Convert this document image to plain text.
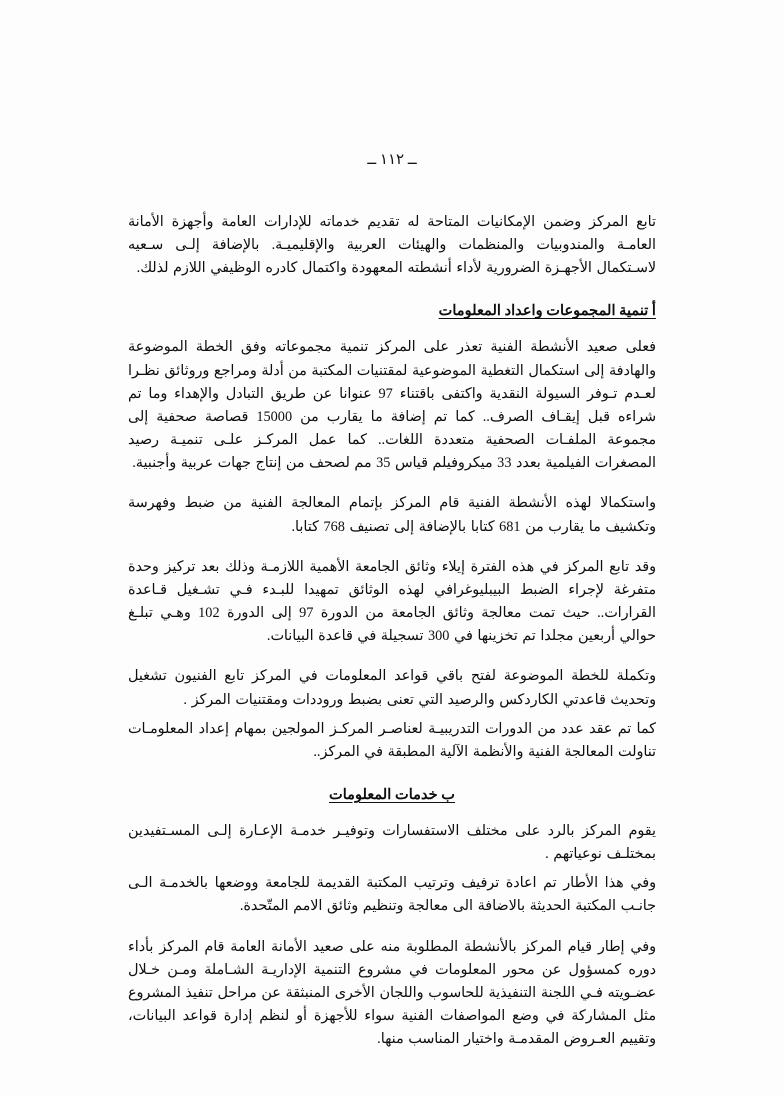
ــ ١١٢ ــ

تابع المركز وضمن الإمكانيات المتاحة له تقديم خدماته للإدارات العامة وأجهزة الأمانة العامـة والمندوبيات والمنظمات والهيئات العربية والإقليميـة. بالإضافة إلـى سـعيه لاسـتكمال الأجهـزة الضرورية لأداء أنشطته المعهودة واكتمال كادره الوظيفي اللازم لذلك.

أ تنمية المجموعات واعداد المعلومات

فعلى صعيد الأنشطة الفنية تعذر على المركز تنمية مجموعاته وفق الخطة الموضوعة والهادفة إلى استكمال التغطية الموضوعية لمقتنيات المكتبة من أدلة ومراجع وروثائق نظـرا لعـدم تـوفر السيولة النقدية واكتفى باقتناء 97 عنوانا عن طريق التبادل والإهداء وما تم شراءه قبل إيقـاف الصرف.. كما تم إضافة ما يقارب من 15000 قصاصة صحفية إلى مجموعة الملفـات الصحفية متعددة اللغات.. كما عمل المركـز علـى تنميـة رصيد المصغرات الفيلمية بعدد 33 ميكروفيلم قياس 35 مم لصحف من إنتاج جهات عربية وأجنبية.

واستكمالا لهذه الأنشطة الفنية قام المركز بإتمام المعالجة الفنية من ضبط وفهرسة وتكشيف ما يقارب من 681 كتابا بالإضافة إلى تصنيف 768 كتابا.

وقد تابع المركز في هذه الفترة إيلاء وثائق الجامعة الأهمية اللازمـة وذلك بعد تركيز وحدة متفرغة لإجراء الضبط البيبليوغرافي لهذه الوثائق تمهيدا للبـدء فـي تشـغيل قـاعدة القرارات.. حيث تمت معالجة وثائق الجامعة من الدورة 97 إلى الدورة 102 وهـي تبلـغ حوالي أربعين مجلدا تم تخزينها في 300 تسجيلة في قاعدة البيانات.

وتكملة للخطة الموضوعة لفتح باقي قواعد المعلومات في المركز تابع الفنيون تشغيل وتحديث قاعدتي الكاردكس والرصيد التي تعنى بضبط وروددات ومقتنيات المركز .

كما تم عقد عدد من الدورات التدريبيـة لعناصـر المركـز المولجين بمهام إعداد المعلومـات تناولت المعالجة الفنية والأنظمة الآلية المطبقة في المركز..

ب خدمات المعلومات

يقوم المركز بالرد على مختلف الاستفسارات وتوفيـر خدمـة الإعـارة إلـى المسـتفيدين بمختلـف نوعياتهم .

وفي هذا الأطار تم اعادة ترفيف وترتيب المكتبة القديمة للجامعة ووضعها بالخدمـة الـى جانـب المكتبة الحديثة بالاضافة الى معالجة وتنظيم وثائق الامم المتّحدة.

وفي إطار قيام المركز بالأنشطة المطلوبة منه على صعيد الأمانة العامة قام المركز بأداء دوره كمسؤول عن محور المعلومات في مشروع التنمية الإداريـة الشـاملة ومـن خـلال عضـويته فـي اللجنة التنفيذية للحاسوب واللجان الأخرى المنبثقة عن مراحل تنفيذ المشروع مثل المشاركة في وضع المواصفات الفنية سواء للأجهزة أو لنظم إدارة قواعد البيانات، وتقييم العـروض المقدمـة واختيار المناسب منها.
